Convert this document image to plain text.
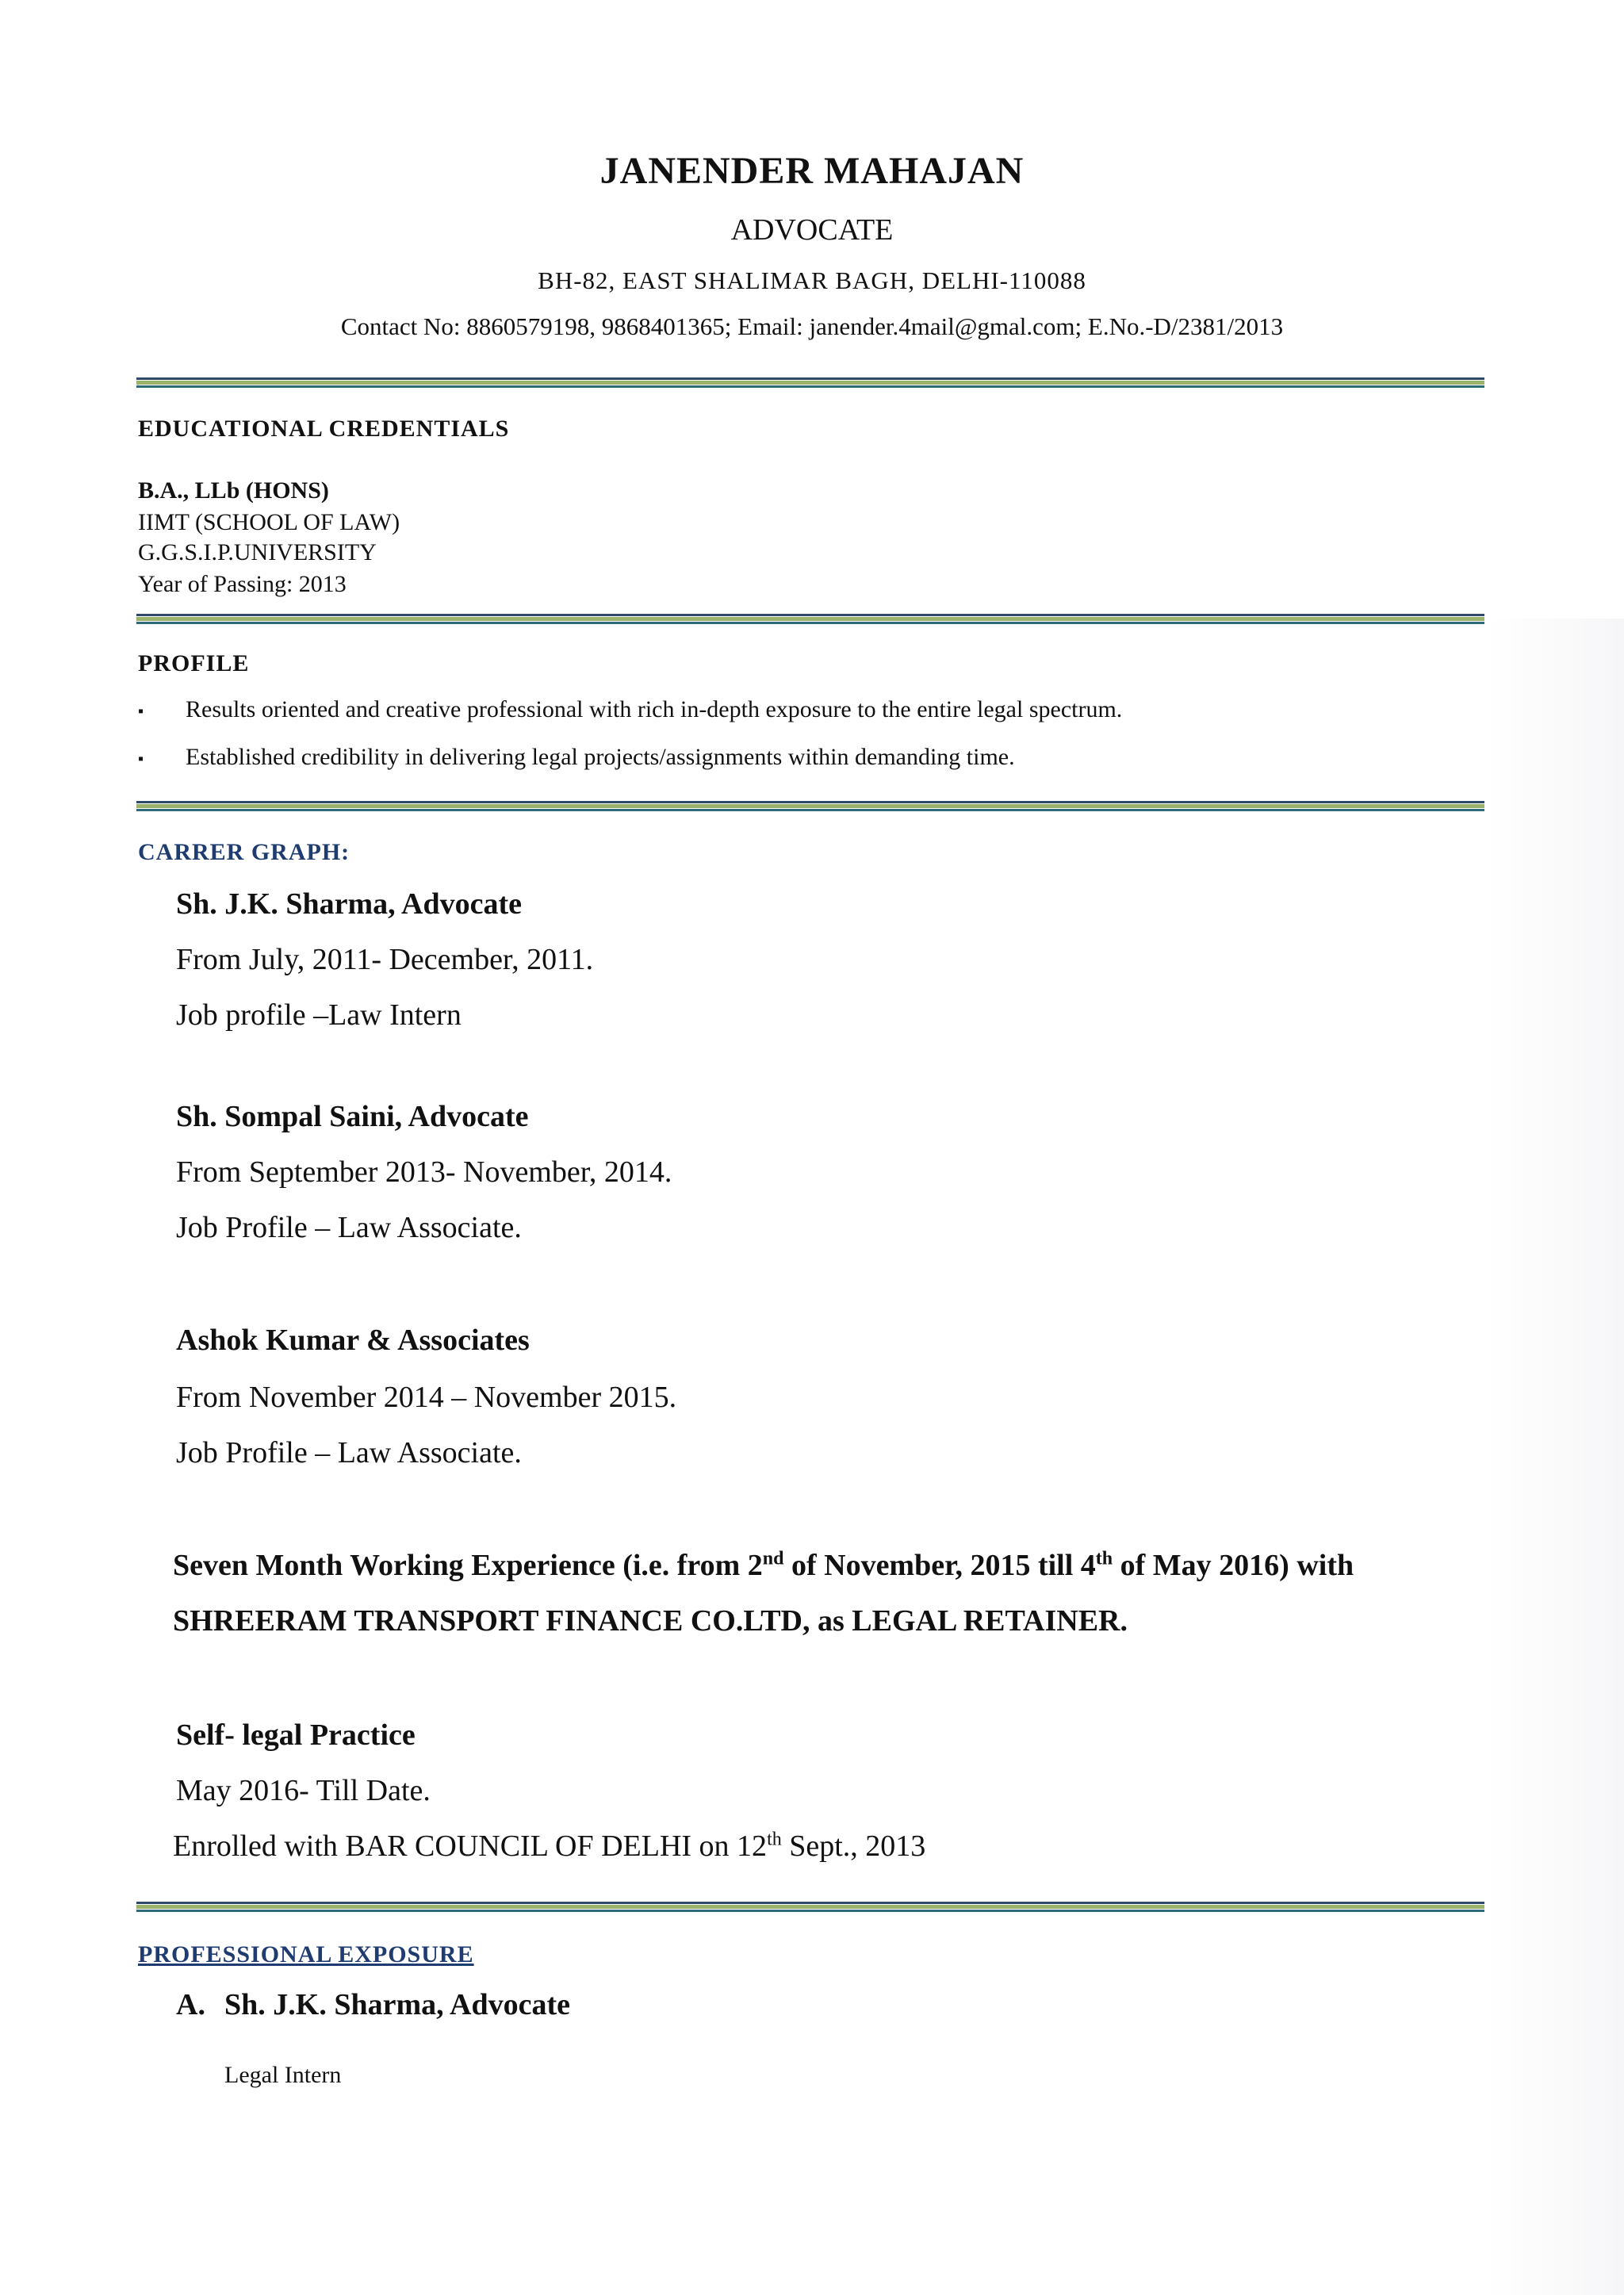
JANENDER MAHAJAN
ADVOCATE
BH-82, EAST SHALIMAR BAGH, DELHI-110088
Contact No: 8860579198, 9868401365; Email: janender.4mail@gmal.com; E.No.-D/2381/2013
EDUCATIONAL CREDENTIALS
B.A., LLb (HONS)
IIMT (SCHOOL OF LAW)
G.G.S.I.P.UNIVERSITY
Year of Passing: 2013
PROFILE
▪ Results oriented and creative professional with rich in-depth exposure to the entire legal spectrum.
▪ Established credibility in delivering legal projects/assignments within demanding time.
CARRER GRAPH:
Sh. J.K. Sharma, Advocate
From July, 2011- December, 2011.
Job profile –Law Intern
Sh. Sompal Saini, Advocate
From September 2013- November, 2014.
Job Profile – Law Associate.
Ashok Kumar & Associates
From November 2014 – November 2015.
Job Profile – Law Associate.
Seven Month Working Experience (i.e. from 2nd of November, 2015 till 4th of May 2016) with
SHREERAM TRANSPORT FINANCE CO.LTD, as LEGAL RETAINER.
Self- legal Practice
May 2016- Till Date.
Enrolled with BAR COUNCIL OF DELHI on 12th Sept., 2013
PROFESSIONAL EXPOSURE
A. Sh. J.K. Sharma, Advocate
Legal Intern
